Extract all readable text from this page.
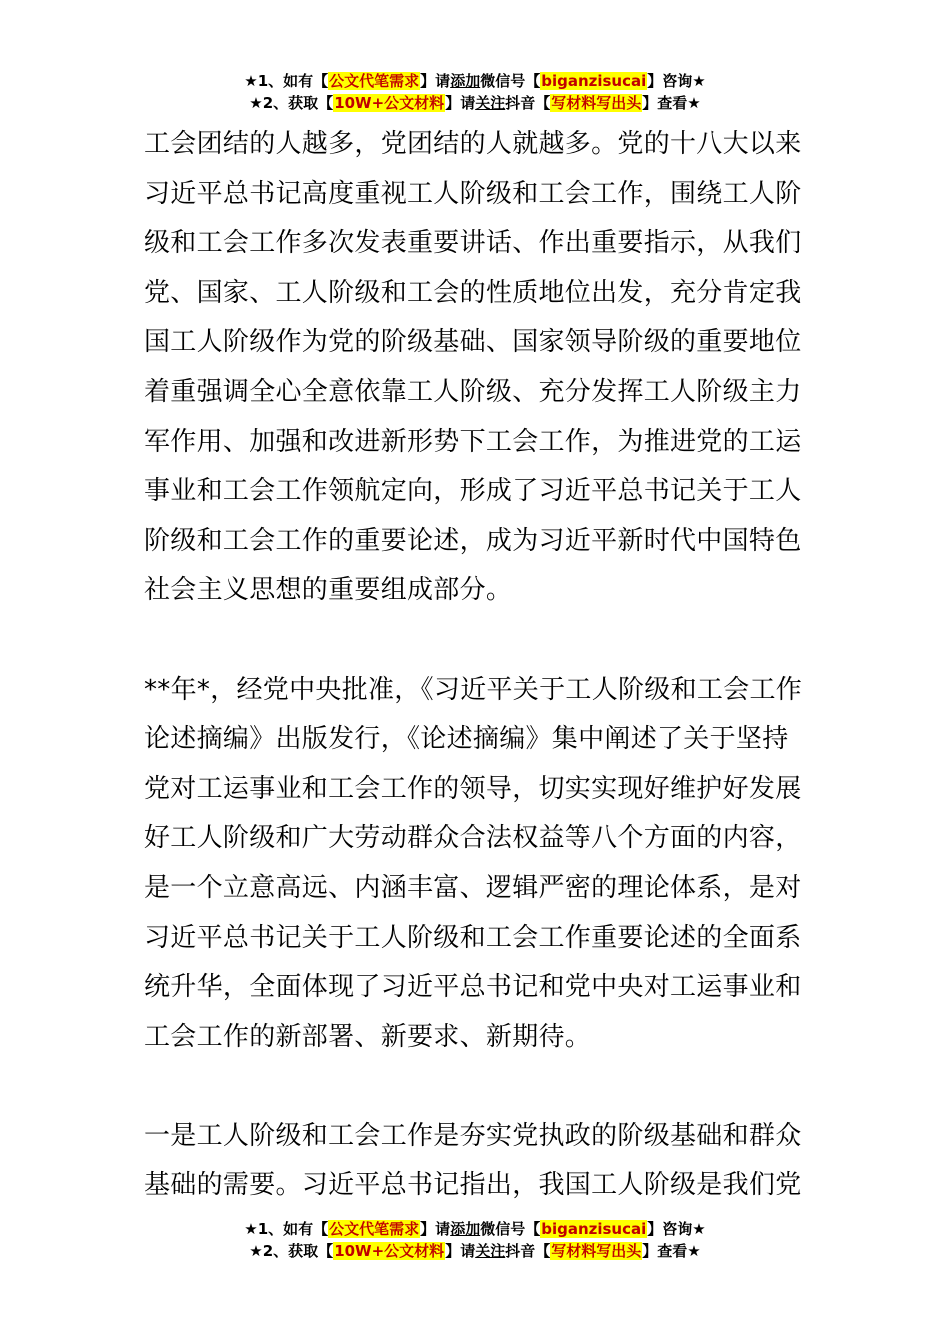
★1、如有【公文代笔需求】请添加微信号【biganzisucai】咨询★
★2、获取【10W+公文材料】请关注抖音【写材料写出头】查看★
工会团结的人越多，党团结的人就越多。党的十八大以来
习近平总书记高度重视工人阶级和工会工作，围绕工人阶
级和工会工作多次发表重要讲话、作出重要指示，从我们
党、国家、工人阶级和工会的性质地位出发，充分肯定我
国工人阶级作为党的阶级基础、国家领导阶级的重要地位
着重强调全心全意依靠工人阶级、充分发挥工人阶级主力
军作用、加强和改进新形势下工会工作，为推进党的工运
事业和工会工作领航定向，形成了习近平总书记关于工人
阶级和工会工作的重要论述，成为习近平新时代中国特色
社会主义思想的重要组成部分。
**年*，经党中央批准，《习近平关于工人阶级和工会工作
论述摘编》出版发行，《论述摘编》集中阐述了关于坚持
党对工运事业和工会工作的领导，切实实现好维护好发展
好工人阶级和广大劳动群众合法权益等八个方面的内容，
是一个立意高远、内涵丰富、逻辑严密的理论体系，是对
习近平总书记关于工人阶级和工会工作重要论述的全面系
统升华，全面体现了习近平总书记和党中央对工运事业和
工会工作的新部署、新要求、新期待。
一是工人阶级和工会工作是夯实党执政的阶级基础和群众
基础的需要。习近平总书记指出，我国工人阶级是我们党
★1、如有【公文代笔需求】请添加微信号【biganzisucai】咨询★
★2、获取【10W+公文材料】请关注抖音【写材料写出头】查看★
